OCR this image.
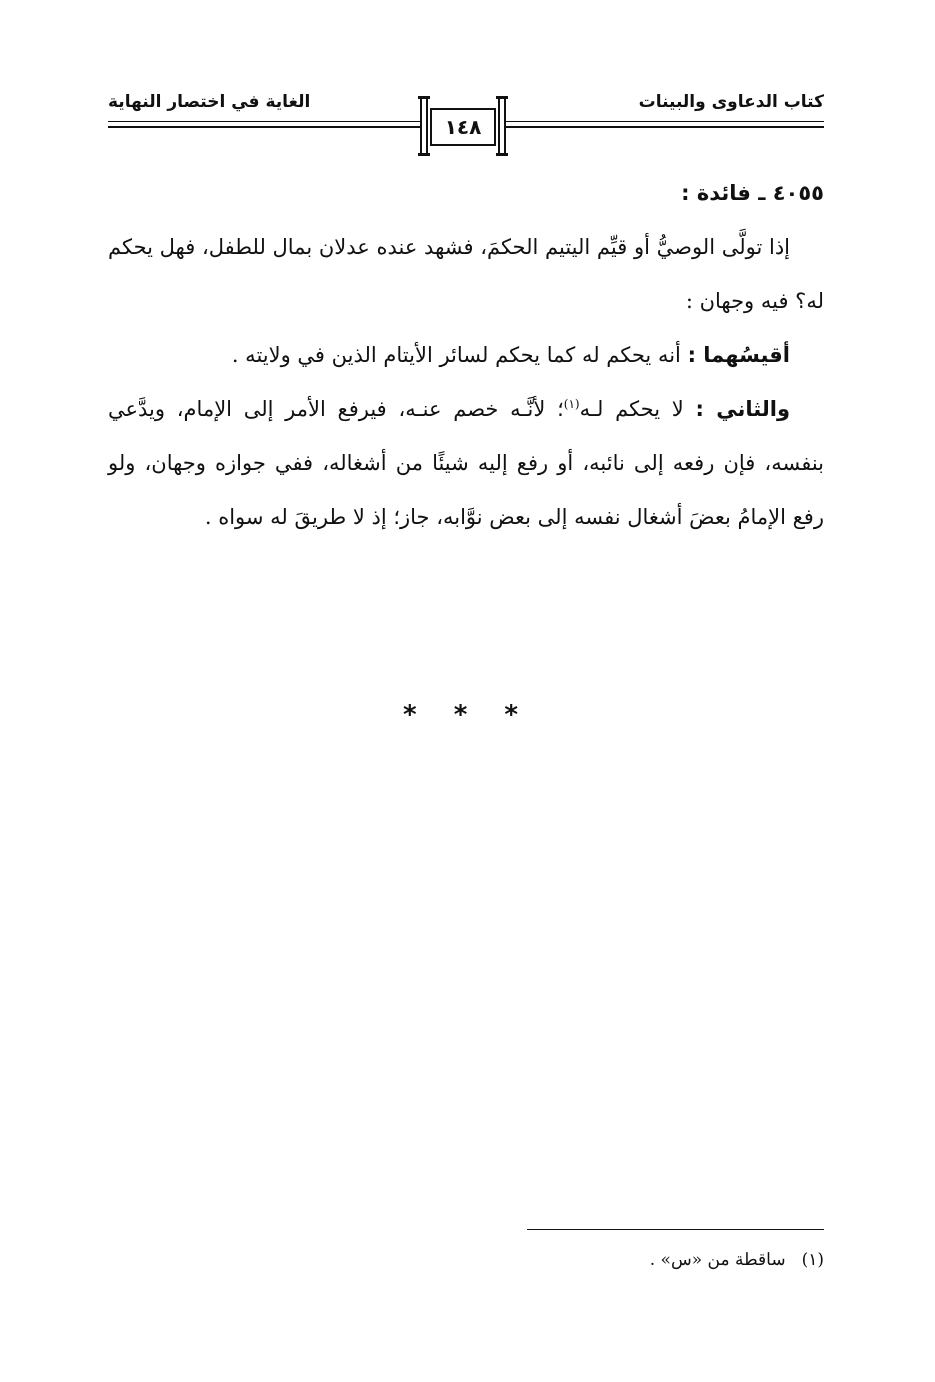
كتاب الدعاوى والبينات
الغاية في اختصار النهاية
١٤٨

٤٠٥٥ ـ فائدة :

إذا تولَّى الوصيُّ أو قيِّم اليتيم الحكمَ، فشهد عنده عدلان بمال للطفل، فهل يحكم له؟ فيه وجهان :

أقيسُهما : أنه يحكم له كما يحكم لسائر الأيتام الذين في ولايته .

والثاني : لا يحكم لـه$^{(١)}$؛ لأنَّـه خصم عنـه، فيرفع الأمر إلى الإمام، ويدَّعي بنفسه، فإن رفعه إلى نائبه، أو رفع إليه شيئًا من أشغاله، ففي جوازه وجهان، ولو رفع الإمامُ بعضَ أشغال نفسه إلى بعض نوَّابه، جاز؛ إذ لا طريقَ له سواه .

* * *
(١)ساقطة من «س» .
